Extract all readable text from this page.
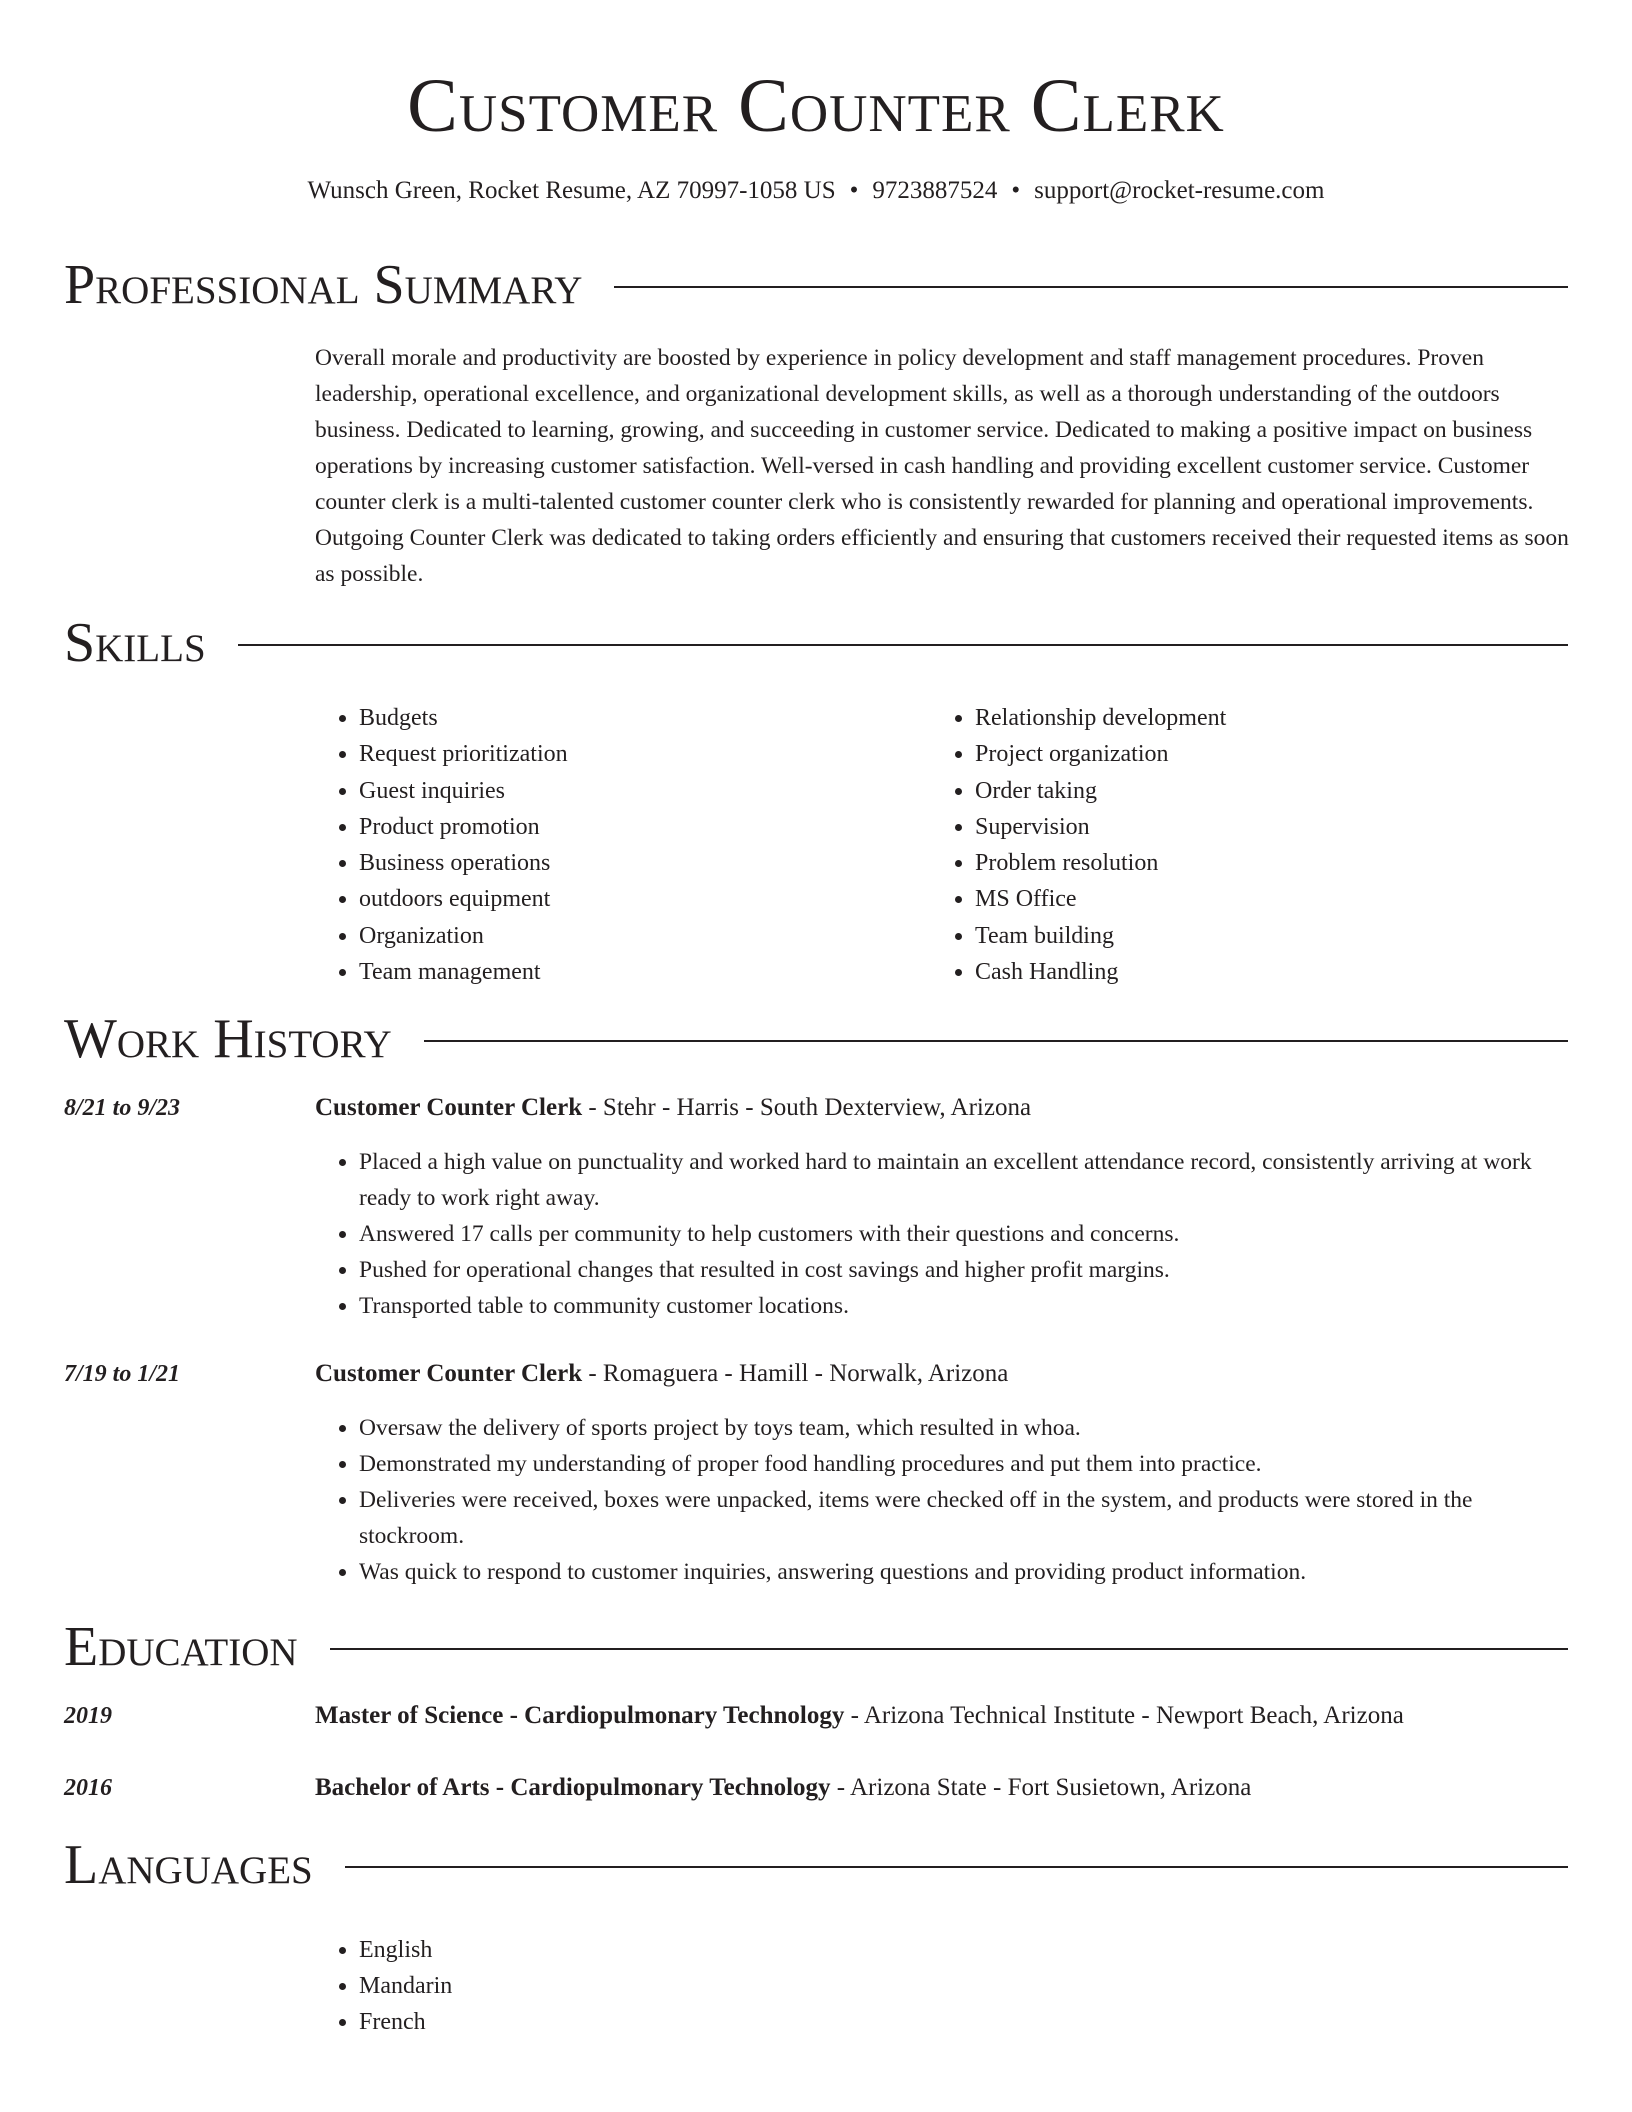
Customer Counter Clerk
Wunsch Green, Rocket Resume, AZ 70997-1058 US • 9723887524 • support@rocket-resume.com
Professional Summary

Overall morale and productivity are boosted by experience in policy development and staff management procedures. Proven leadership, operational excellence, and organizational development skills, as well as a thorough understanding of the outdoors business. Dedicated to learning, growing, and succeeding in customer service. Dedicated to making a positive impact on business operations by increasing customer satisfaction. Well-versed in cash handling and providing excellent customer service. Customer counter clerk is a multi-talented customer counter clerk who is consistently rewarded for planning and operational improvements. Outgoing Counter Clerk was dedicated to taking orders efficiently and ensuring that customers received their requested items as soon as possible.

Skills
• Budgets
• Request prioritization
• Guest inquiries
• Product promotion
• Business operations
• outdoors equipment
• Organization
• Team management
• Relationship development
• Project organization
• Order taking
• Supervision
• Problem resolution
• MS Office
• Team building
• Cash Handling
Work History
8/21 to 9/23	Customer Counter Clerk - Stehr - Harris - South Dexterview, Arizona
• Placed a high value on punctuality and worked hard to maintain an excellent attendance record, consistently arriving at work ready to work right away.
• Answered 17 calls per community to help customers with their questions and concerns.
• Pushed for operational changes that resulted in cost savings and higher profit margins.
• Transported table to community customer locations.
7/19 to 1/21	Customer Counter Clerk - Romaguera - Hamill - Norwalk, Arizona
• Oversaw the delivery of sports project by toys team, which resulted in whoa.
• Demonstrated my understanding of proper food handling procedures and put them into practice.
• Deliveries were received, boxes were unpacked, items were checked off in the system, and products were stored in the stockroom.
• Was quick to respond to customer inquiries, answering questions and providing product information.
Education
2019	Master of Science - Cardiopulmonary Technology - Arizona Technical Institute - Newport Beach, Arizona
2016	Bachelor of Arts - Cardiopulmonary Technology - Arizona State - Fort Susietown, Arizona
Languages
• English
• Mandarin
• French
